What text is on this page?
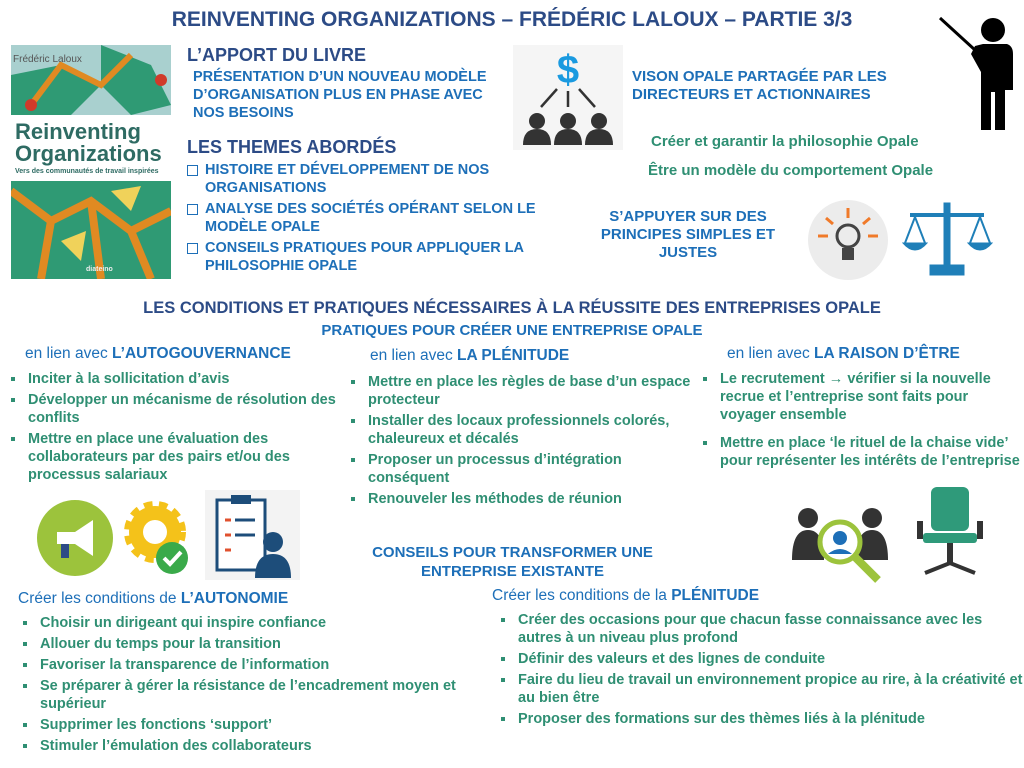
REINVENTING ORGANIZATIONS – FRÉDÉRIC LALOUX – PARTIE 3/3
Frédéric Laloux
Reinventing
Organizations
Vers des communautés de travail inspirées
diateino
L’APPORT DU LIVRE
PRÉSENTATION D’UN NOUVEAU MODÈLE D’ORGANISATION PLUS EN PHASE AVEC NOS BESOINS
LES THEMES ABORDÉS
HISTOIRE ET DÉVELOPPEMENT DE NOS ORGANISATIONS
ANALYSE DES SOCIÉTÉS OPÉRANT SELON LE MODÈLE OPALE
CONSEILS PRATIQUES POUR APPLIQUER LA PHILOSOPHIE OPALE
$	VISON OPALE PARTAGÉE PAR LES DIRECTEURS ET ACTIONNAIRES
Créer et garantir la philosophie Opale
Être un modèle du comportement Opale
S’APPUYER SUR DES PRINCIPES SIMPLES ET JUSTES
LES CONDITIONS ET PRATIQUES NÉCESSAIRES À LA RÉUSSITE DES ENTREPRISES OPALE
PRATIQUES POUR CRÉER UNE ENTREPRISE OPALE
en lien avec L’AUTOGOUVERNANCE
Inciter à la sollicitation d’avis
Développer un mécanisme de résolution des conflits
Mettre en place une évaluation des collaborateurs par des pairs et/ou des processus salariaux
en lien avec LA PLÉNITUDE
Mettre en place les règles de base d’un espace protecteur
Installer des locaux professionnels colorés, chaleureux et décalés
Proposer un processus d’intégration conséquent
Renouveler les méthodes de réunion
en lien avec LA RAISON D’ÊTRE
Le recrutement → vérifier si la nouvelle recrue et l’entreprise sont faits pour voyager ensemble
Mettre en place ‘le rituel de la chaise vide’ pour représenter les intérêts de l’entreprise
CONSEILS POUR TRANSFORMER UNE ENTREPRISE EXISTANTE
Créer les conditions de L’AUTONOMIE
Choisir un dirigeant qui inspire confiance
Allouer du temps pour la transition
Favoriser la transparence de l’information
Se préparer à gérer la résistance de l’encadrement moyen et supérieur
Supprimer les fonctions ‘support’
Stimuler l’émulation des collaborateurs
Créer les conditions de la PLÉNITUDE
Créer des occasions pour que chacun fasse connaissance avec les autres à un niveau plus profond
Définir des valeurs et des lignes de conduite
Faire du lieu de travail un environnement propice au rire, à la créativité et au bien être
Proposer des formations sur des thèmes liés à la plénitude
